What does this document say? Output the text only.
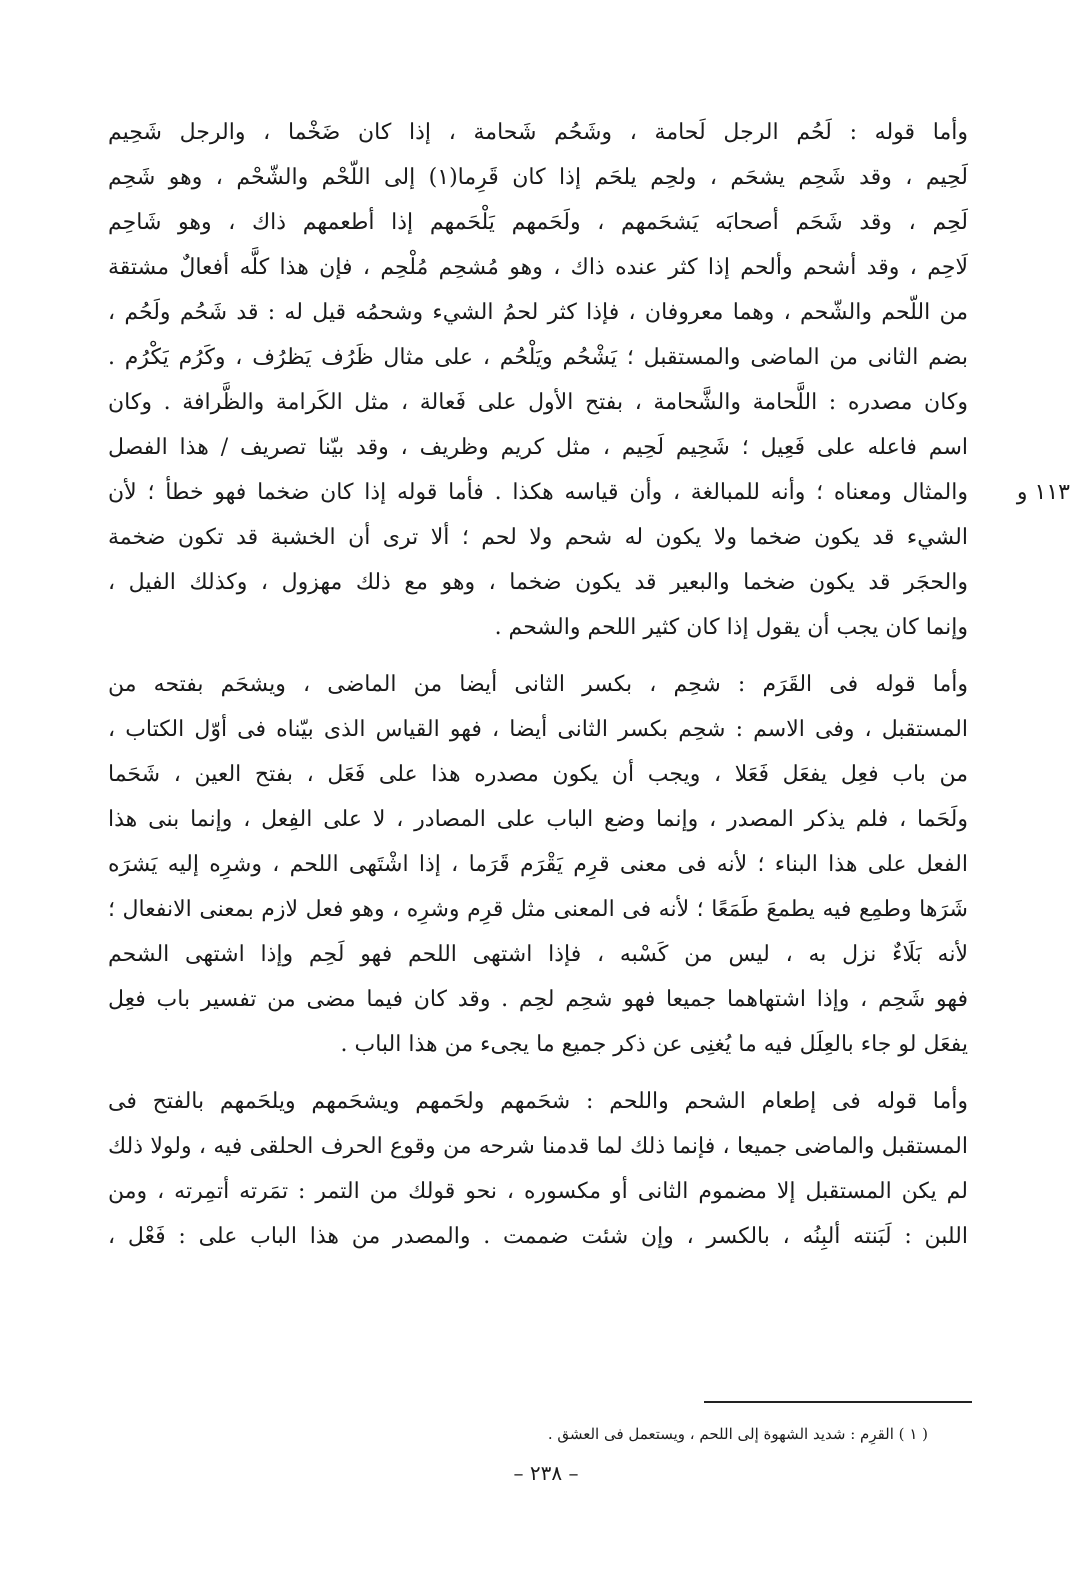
وأما قوله : لَحُم الرجل لَحامة ، وشَحُم شَحامة ، إذا كان ضَخْما ، والرجل شَحِيم
لَحِيم ، وقد شَحِم يشحَم ، ولحِم يلحَم إذا كان قَرِما(١) إلى اللّحْم والشّحْم ، وهو شَحِم
لَحِم ، وقد شَحَم أصحابَه يَشحَمهم ، ولَحَمهم يَلْحَمهم إذا أطعمهم ذاك ، وهو شَاحِم
لَاحِم ، وقد أشحم وألحم إذا كثر عنده ذاك ، وهو مُشحِم مُلْحِم ، فإن هذا كلَّه أفعالٌ مشتقة
من اللّحم والشّحم ، وهما معروفان ، فإذا كثر لحمُ الشيء وشحمُه قيل له : قد شَحُم ولَحُم ،
بضم الثانى من الماضى والمستقبل ؛ يَشْحُم ويَلْحُم ، على مثال ظَرُف يَظرُف ، وكَرُم يَكْرُم .
وكان مصدره : اللَّحامة والشَّحامة ، بفتح الأول على فَعالة ، مثل الكَرامة والظَّرافة . وكان
اسم فاعله على فَعِيل ؛ شَحِيم لَحِيم ، مثل كريم وظريف ، وقد بيّنا تصريف / هذا الفصل
والمثال ومعناه ؛ وأنه للمبالغة ، وأن قياسه هكذا . فأما قوله إذا كان ضخما فهو خطأ ؛ لأن
الشيء قد يكون ضخما ولا يكون له شحم ولا لحم ؛ ألا ترى أن الخشبة قد تكون ضخمة
والحجَر قد يكون ضخما والبعير قد يكون ضخما ، وهو مع ذلك مهزول ، وكذلك الفيل ،
وإنما كان يجب أن يقول إذا كان كثير اللحم والشحم .
وأما قوله فى القَرَم : شحِم ، بكسر الثانى أيضا من الماضى ، ويشحَم بفتحه من
المستقبل ، وفى الاسم : شحِم بكسر الثانى أيضا ، فهو القياس الذى بيّناه فى أوّل الكتاب ،
من باب فعِل يفعَل فَعَلا ، ويجب أن يكون مصدره هذا على فَعَل ، بفتح العين ، شَحَما
ولَحَما ، فلم يذكر المصدر ، وإنما وضع الباب على المصادر ، لا على الفِعل ، وإنما بنى هذا
الفعل على هذا البناء ؛ لأنه فى معنى قرِم يَقْرَم قَرَما ، إذا اشْتَهى اللحم ، وشرِه إليه يَشرَه
شَرَها وطمِع فيه يطمعَ طَمَعًا ؛ لأنه فى المعنى مثل قرِم وشرِه ، وهو فعل لازم بمعنى الانفعال ؛
لأنه بَلَاءٌ نزل به ، ليس من كَسْبه ، فإذا اشتهى اللحم فهو لَحِم وإذا اشتهى الشحم
فهو شَحِم ، وإذا اشتهاهما جميعا فهو شحِم لحِم . وقد كان فيما مضى من تفسير باب فعِل
يفعَل لو جاء بالعِلَل فيه ما يُغنِى عن ذكر جميع ما يجىء من هذا الباب .
وأما قوله فى إطعام الشحم واللحم : شحَمهم ولحَمهم ويشحَمهم ويلحَمهم بالفتح فى
المستقبل والماضى جميعا ، فإنما ذلك لما قدمنا شرحه من وقوع الحرف الحلقى فيه ، ولولا ذلك
لم يكن المستقبل إلا مضموم الثانى أو مكسوره ، نحو قولك من التمر : تمَرته أتمِرته ، ومن
اللبن : لَبَنته ألبِنُه ، بالكسر ، وإن شئت ضممت . والمصدر من هذا الباب على : فَعْل ،
١١٣ و
( ١ ) القرِم : شديد الشهوة إلى اللحم ، ويستعمل فى العشق .
– ٢٣٨ –
